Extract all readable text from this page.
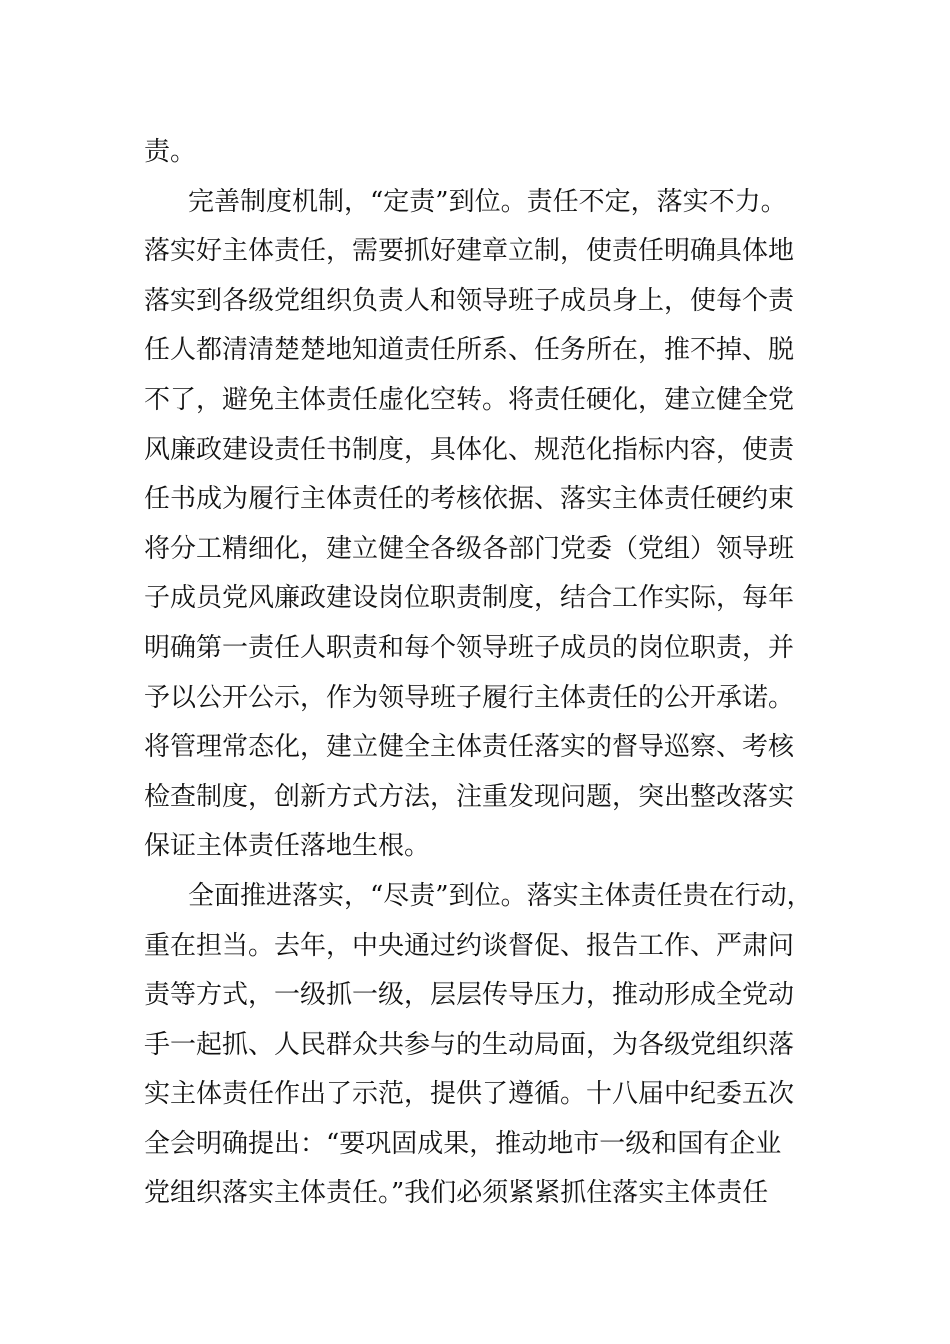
责。
完善制度机制，“定责”到位。责任不定，落实不力。
落实好主体责任，需要抓好建章立制，使责任明确具体地
落实到各级党组织负责人和领导班子成员身上，使每个责
任人都清清楚楚地知道责任所系、任务所在，推不掉、脱
不了，避免主体责任虚化空转。将责任硬化，建立健全党
风廉政建设责任书制度，具体化、规范化指标内容，使责
任书成为履行主体责任的考核依据、落实主体责任硬约束
将分工精细化，建立健全各级各部门党委（党组）领导班
子成员党风廉政建设岗位职责制度，结合工作实际，每年
明确第一责任人职责和每个领导班子成员的岗位职责，并
予以公开公示，作为领导班子履行主体责任的公开承诺。
将管理常态化，建立健全主体责任落实的督导巡察、考核
检查制度，创新方式方法，注重发现问题，突出整改落实
保证主体责任落地生根。
全面推进落实，“尽责”到位。落实主体责任贵在行动，
重在担当。去年，中央通过约谈督促、报告工作、严肃问
责等方式，一级抓一级，层层传导压力，推动形成全党动
手一起抓、人民群众共参与的生动局面，为各级党组织落
实主体责任作出了示范，提供了遵循。十八届中纪委五次
全会明确提出：“要巩固成果，推动地市一级和国有企业
党组织落实主体责任。”我们必须紧紧抓住落实主体责任
